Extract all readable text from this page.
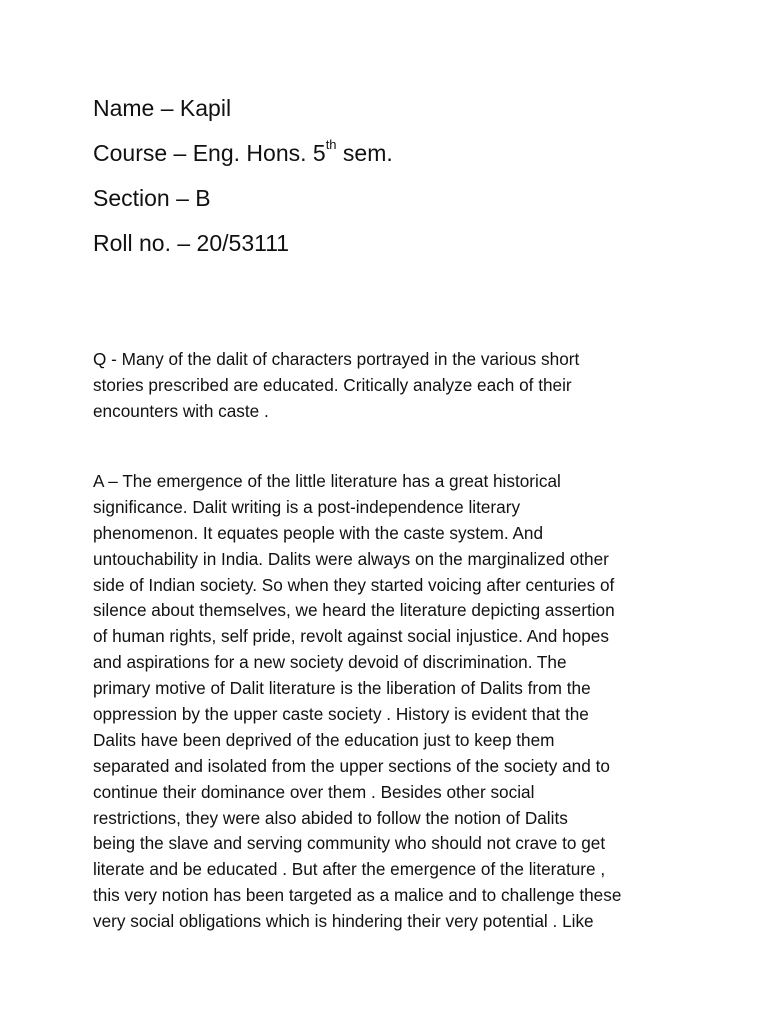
Name – Kapil
Course – Eng. Hons. 5th sem.
Section – B
Roll no. – 20/53111
Q - Many of the dalit of characters portrayed in the various short
stories prescribed are educated. Critically analyze each of their
encounters with caste .
A – The emergence of the little literature has a great historical
significance. Dalit writing is a post-independence literary
phenomenon. It equates people with the caste system. And
untouchability in India. Dalits were always on the marginalized other
side of Indian society. So when they started voicing after centuries of
silence about themselves, we heard the literature depicting assertion
of human rights, self pride, revolt against social injustice. And hopes
and aspirations for a new society devoid of discrimination. The
primary motive of Dalit literature is the liberation of Dalits from the
oppression by the upper caste society . History is evident that the
Dalits have been deprived of the education just to keep them
separated and isolated from the upper sections of the society and to
continue their dominance over them . Besides other social
restrictions, they were also abided to follow the notion of Dalits
being the slave and serving community who should not crave to get
literate and be educated . But after the emergence of the literature ,
this very notion has been targeted as a malice and to challenge these
very social obligations which is hindering their very potential . Like
